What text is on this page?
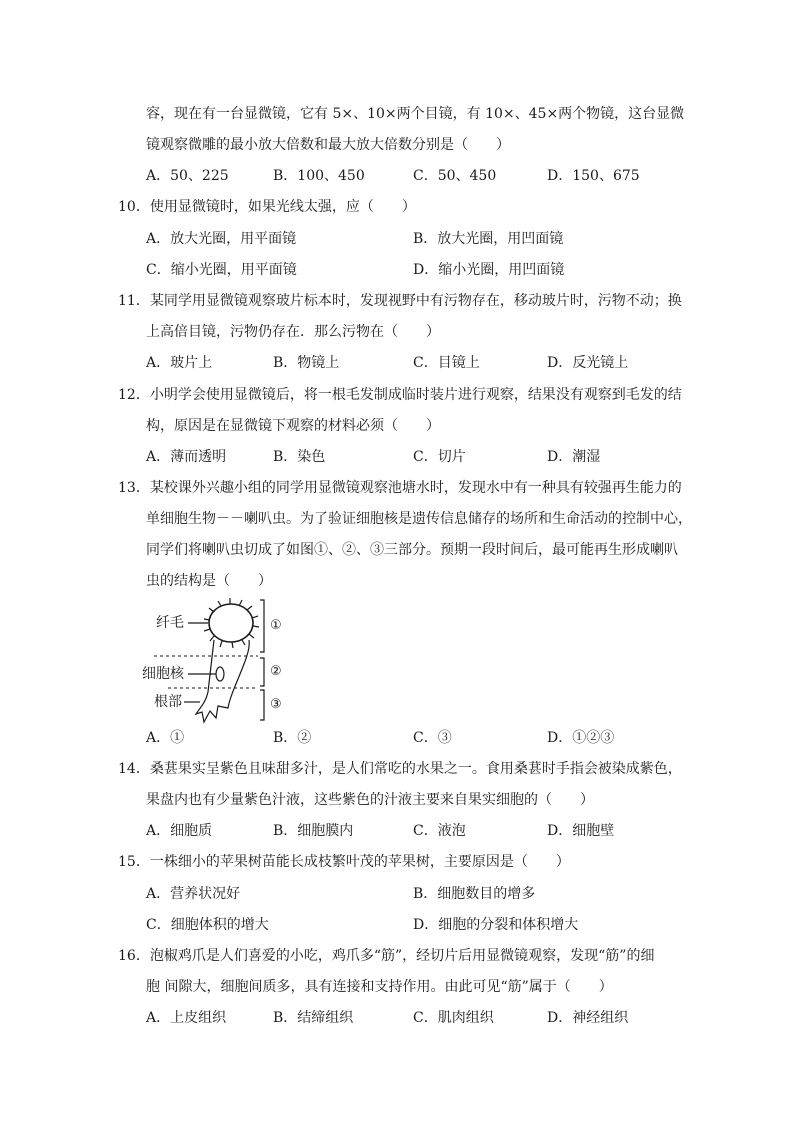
容，现在有一台显微镜，它有 5×、10×两个目镜，有 10×、45×两个物镜，这台显微
镜观察微雕的最小放大倍数和最大放大倍数分别是（　　）
A．50、225	B．100、450	C．50、450	D．150、675
10．使用显微镜时，如果光线太强，应（　　）
A．放大光圈，用平面镜	B．放大光圈，用凹面镜
C．缩小光圈，用平面镜	D．缩小光圈，用凹面镜
11．某同学用显微镜观察玻片标本时，发现视野中有污物存在，移动玻片时，污物不动；换
上高倍目镜，污物仍存在．那么污物在（　　）
A．玻片上	B．物镜上	C．目镜上	D．反光镜上
12．小明学会使用显微镜后，将一根毛发制成临时装片进行观察，结果没有观察到毛发的结
构，原因是在显微镜下观察的材料必须（　　）
A．薄而透明	B．染色	C．切片	D．潮湿
13．某校课外兴趣小组的同学用显微镜观察池塘水时，发现水中有一种具有较强再生能力的
单细胞生物－－喇叭虫。为了验证细胞核是遗传信息储存的场所和生命活动的控制中心，
同学们将喇叭虫切成了如图①、②、③三部分。预期一段时间后，最可能再生形成喇叭
虫的结构是（　　）
纤毛
细胞核
根部
①
②
③
A．①	B．②	C．③	D．①②③
14．桑葚果实呈紫色且味甜多汁，是人们常吃的水果之一。食用桑葚时手指会被染成紫色，
果盘内也有少量紫色汁液，这些紫色的汁液主要来自果实细胞的（　　）
A．细胞质	B．细胞膜内	C．液泡	D．细胞壁
15．一株细小的苹果树苗能长成枝繁叶茂的苹果树，主要原因是（　　）
A．营养状况好	B．细胞数目的增多
C．细胞体积的增大	D．细胞的分裂和体积增大
16．泡椒鸡爪是人们喜爱的小吃，鸡爪多“筋”，经切片后用显微镜观察，发现“筋”的细
胞 间隙大，细胞间质多，具有连接和支持作用。由此可见“筋”属于（　　）
A．上皮组织	B．结缔组织	C．肌肉组织	D．神经组织
